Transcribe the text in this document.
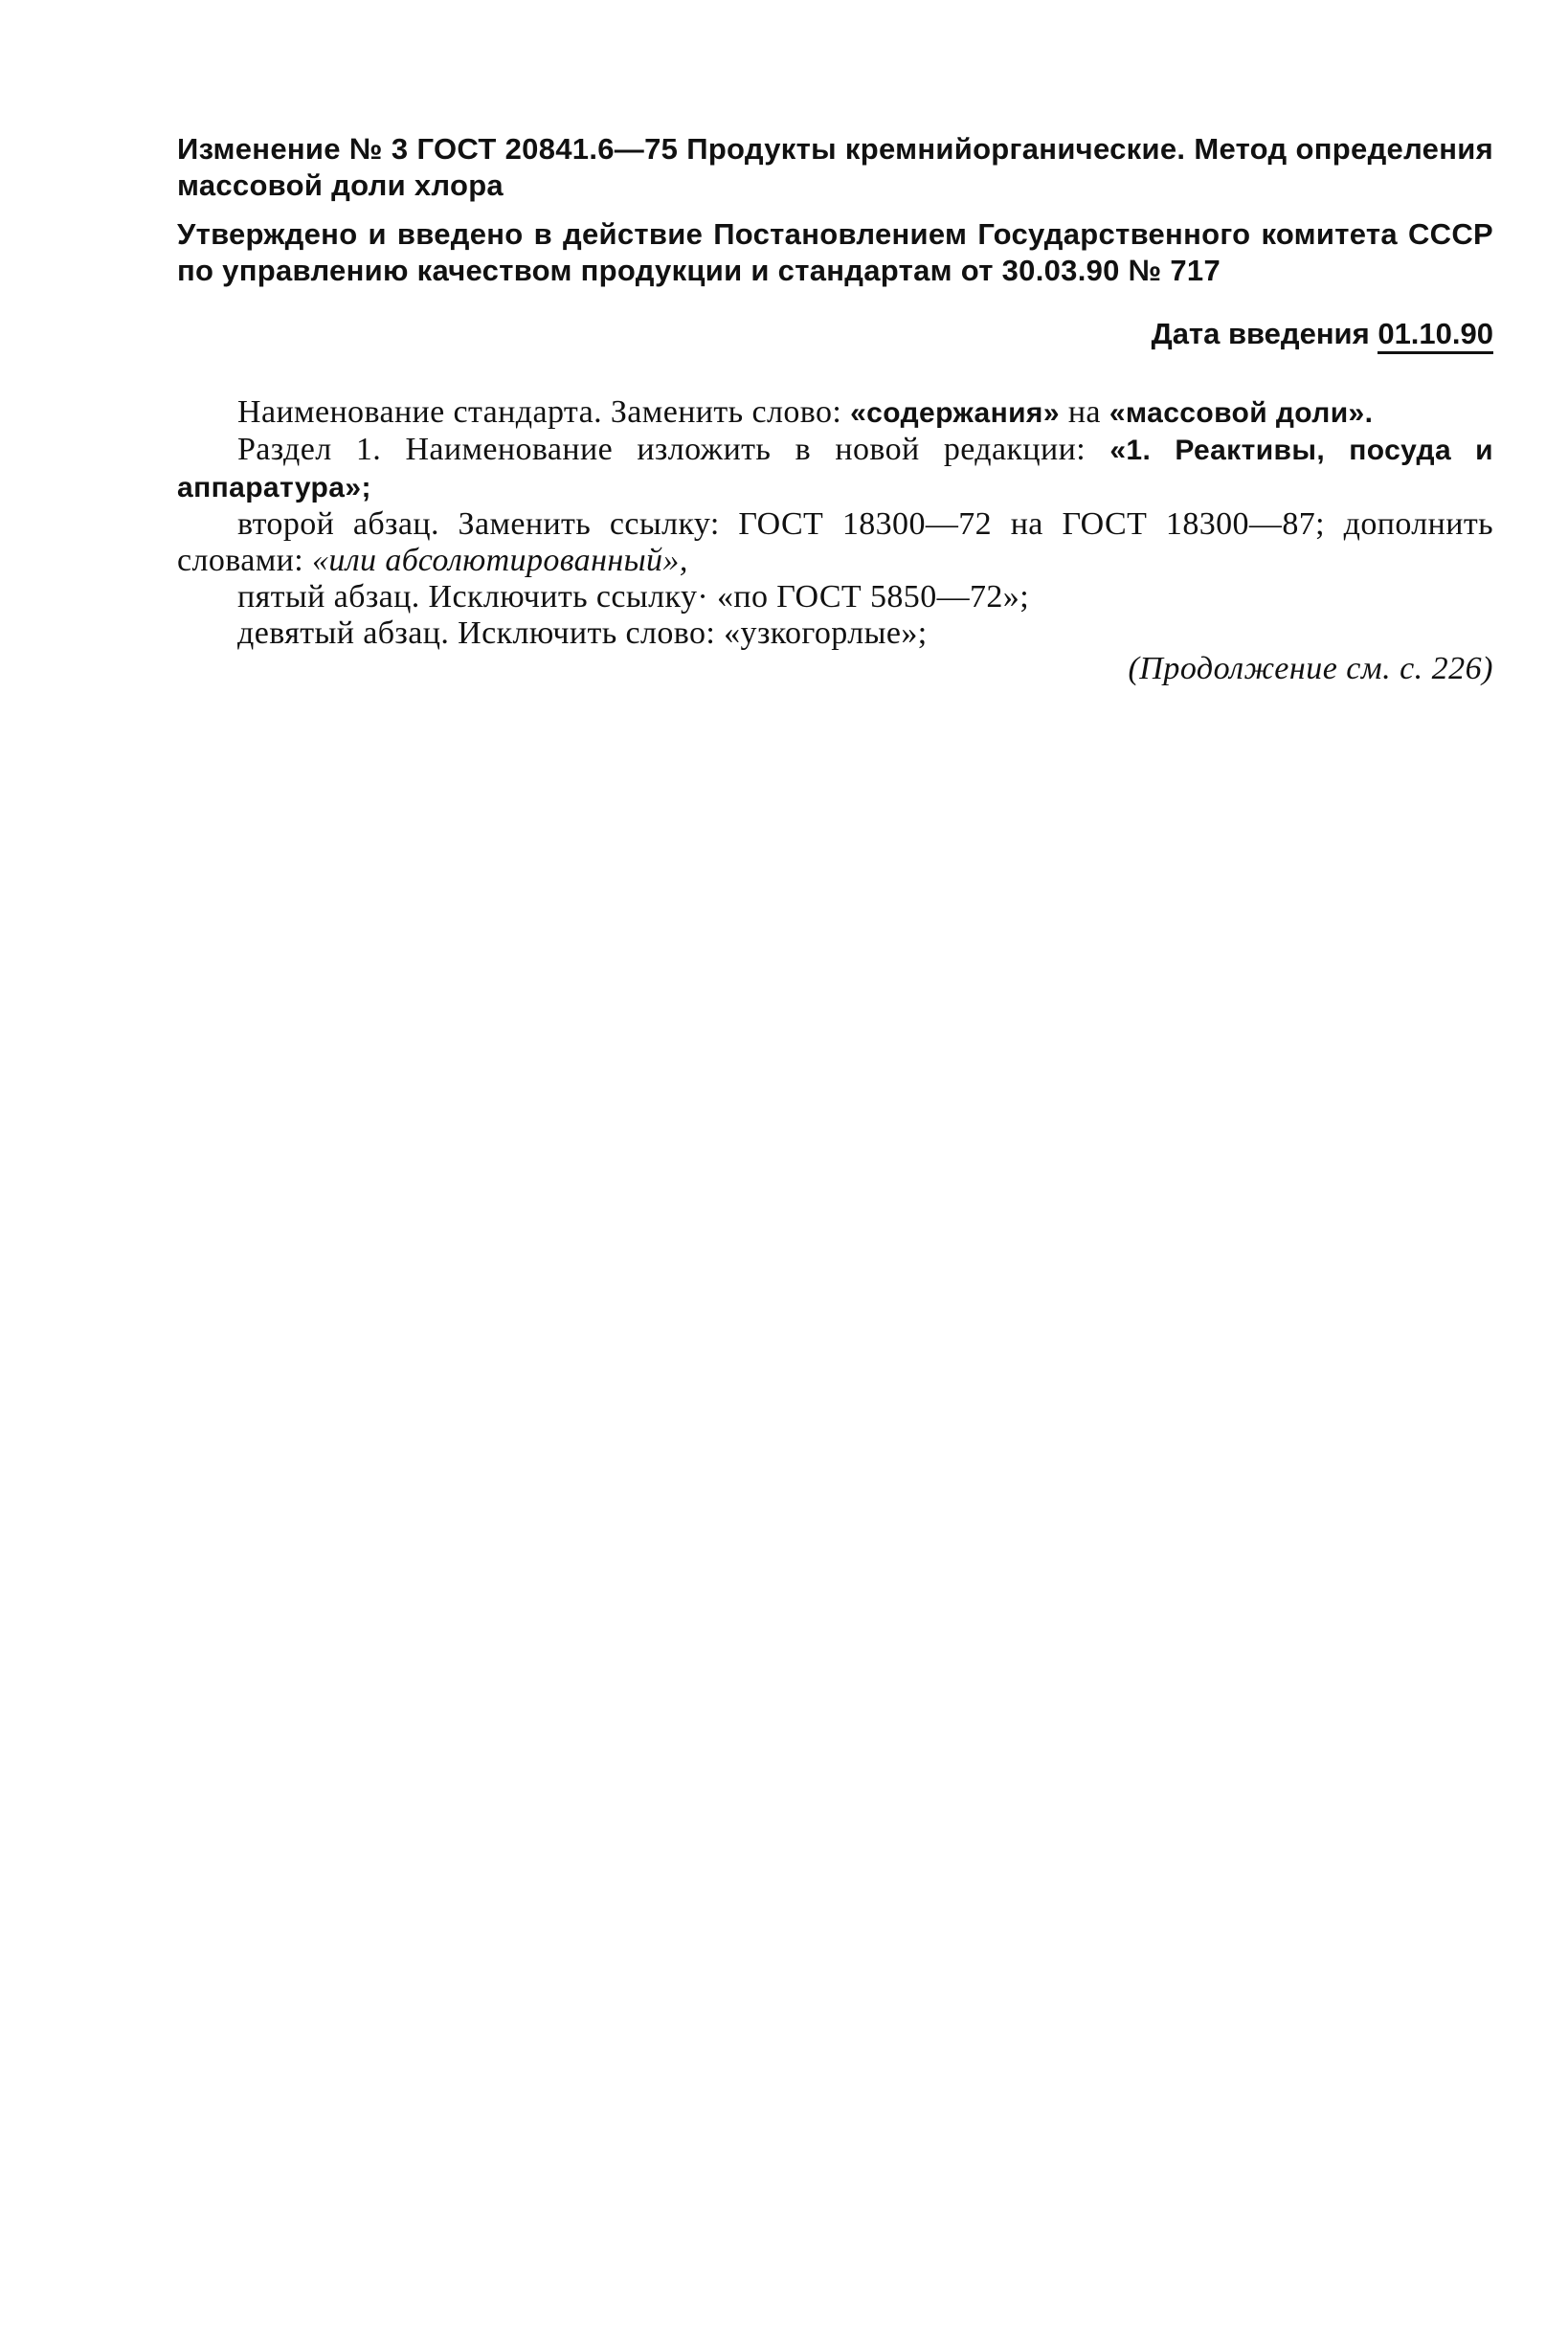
Изменение № 3 ГОСТ 20841.6—75 Продукты кремнийорганические. Метод определения массовой доли хлора
Утверждено и введено в действие Постановлением Государственного комитета СССР по управлению качеством продукции и стандартам от 30.03.90 № 717
Дата введения 01.10.90

Наименование стандарта. Заменить слово: «содержания» на «массовой доли».

Раздел 1. Наименование изложить в новой редакции: «1. Реактивы, посуда и аппаратура»;

второй абзац. Заменить ссылку: ГОСТ 18300—72 на ГОСТ 18300—87; дополнить словами: «или абсолютированный»,

пятый абзац. Исключить ссылку· «по ГОСТ 5850—72»;

девятый абзац. Исключить слово: «узкогорлые»;

(Продолжение см. с. 226)
